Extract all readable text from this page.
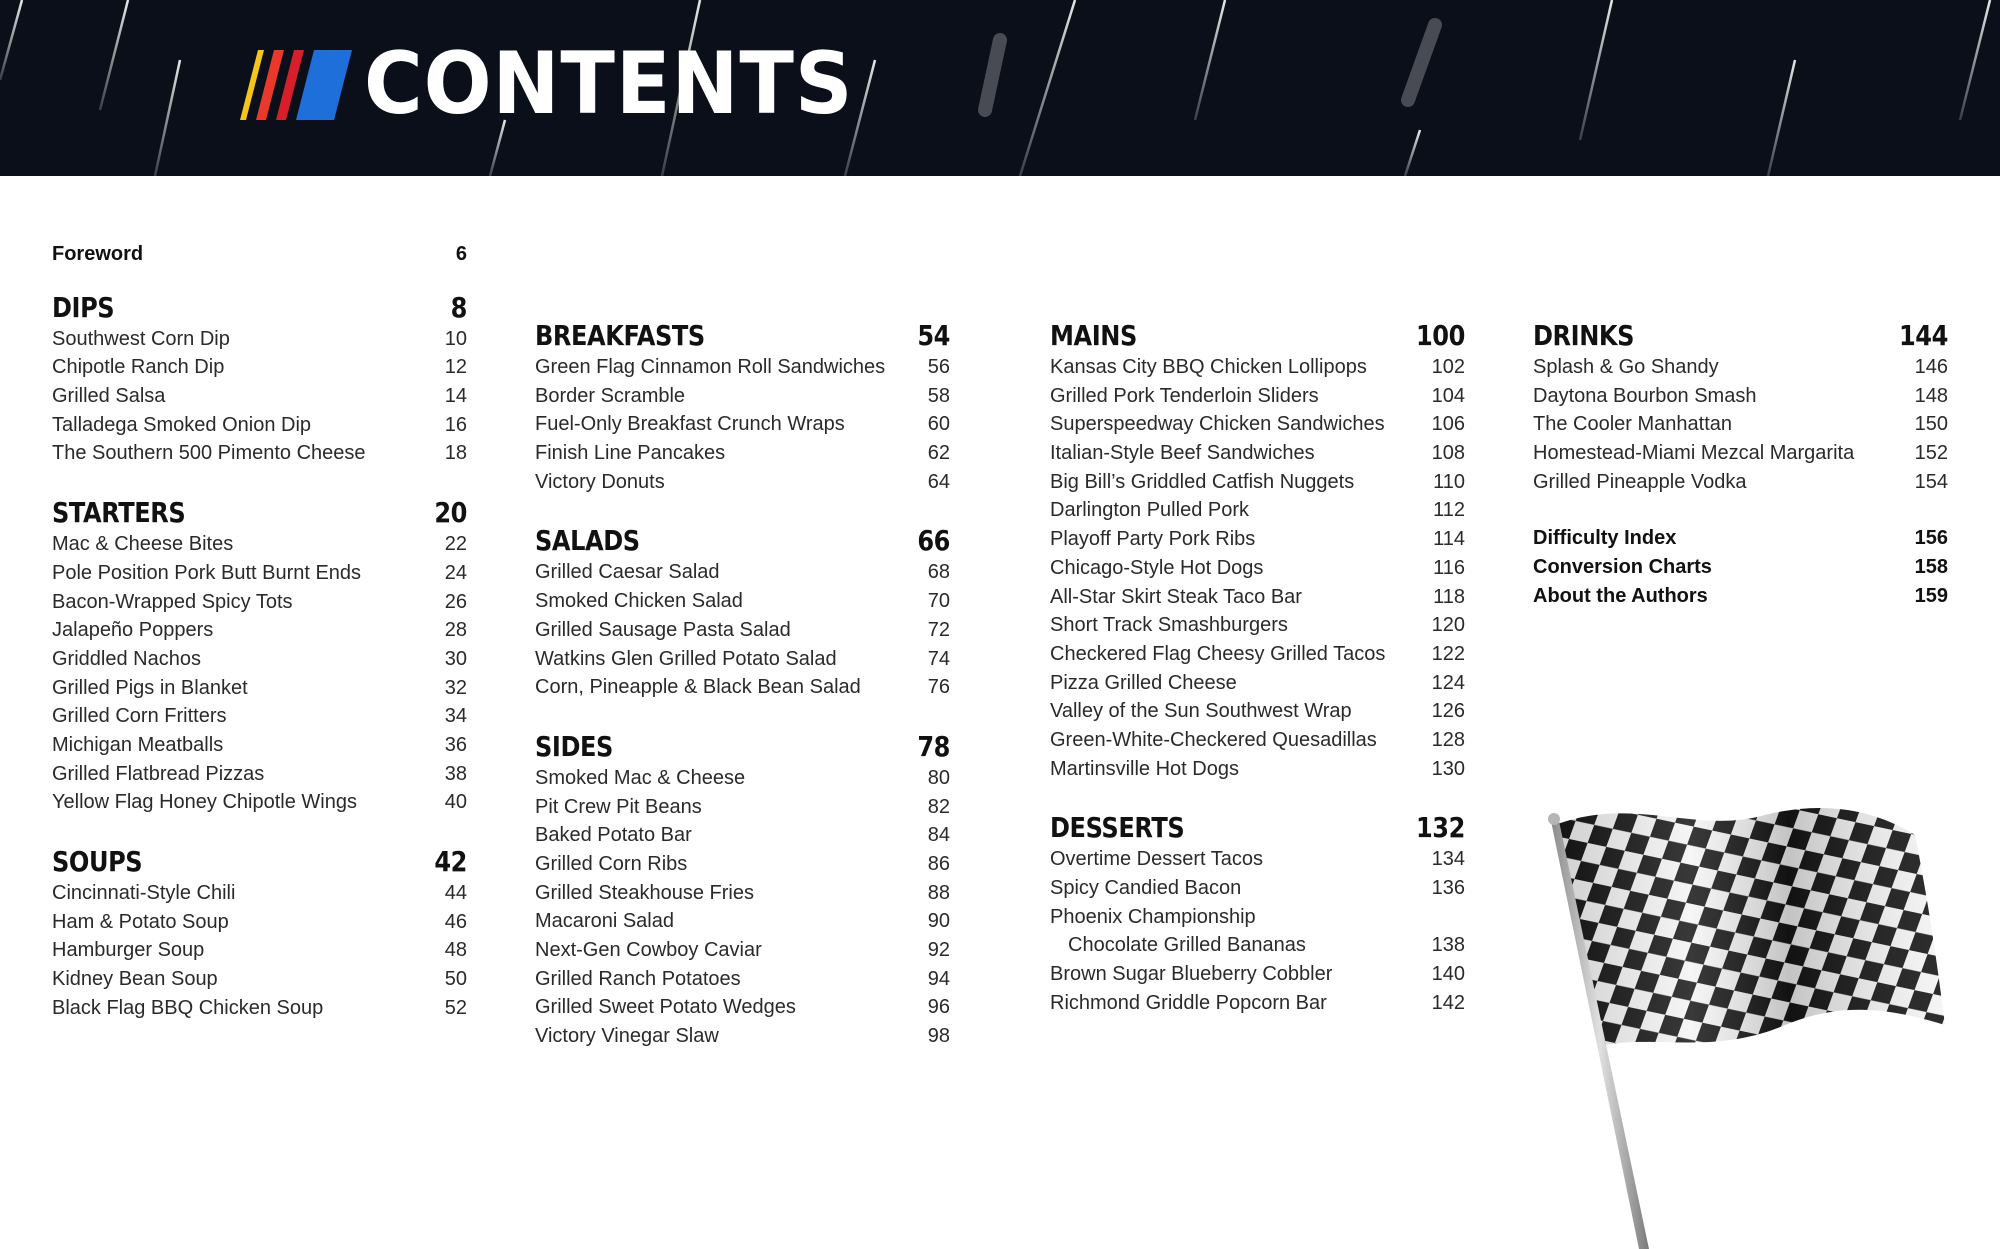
CONTENTS
Foreword	6
DIPS	8
Southwest Corn Dip	10
Chipotle Ranch Dip	12
Grilled Salsa	14
Talladega Smoked Onion Dip	16
The Southern 500 Pimento Cheese	18
STARTERS	20
Mac & Cheese Bites	22
Pole Position Pork Butt Burnt Ends	24
Bacon-Wrapped Spicy Tots	26
Jalapeño Poppers	28
Griddled Nachos	30
Grilled Pigs in Blanket	32
Grilled Corn Fritters	34
Michigan Meatballs	36
Grilled Flatbread Pizzas	38
Yellow Flag Honey Chipotle Wings	40
SOUPS	42
Cincinnati-Style Chili	44
Ham & Potato Soup	46
Hamburger Soup	48
Kidney Bean Soup	50
Black Flag BBQ Chicken Soup	52
BREAKFASTS	54
Green Flag Cinnamon Roll Sandwiches 56
Border Scramble	58
Fuel-Only Breakfast Crunch Wraps	60
Finish Line Pancakes	62
Victory Donuts	64
SALADS	66
Grilled Caesar Salad	68
Smoked Chicken Salad	70
Grilled Sausage Pasta Salad	72
Watkins Glen Grilled Potato Salad	74
Corn, Pineapple & Black Bean Salad	76
SIDES	78
Smoked Mac & Cheese	80
Pit Crew Pit Beans	82
Baked Potato Bar	84
Grilled Corn Ribs	86
Grilled Steakhouse Fries	88
Macaroni Salad	90
Next-Gen Cowboy Caviar	92
Grilled Ranch Potatoes	94
Grilled Sweet Potato Wedges	96
Victory Vinegar Slaw	98
MAINS	100
Kansas City BBQ Chicken Lollipops	102
Grilled Pork Tenderloin Sliders	104
Superspeedway Chicken Sandwiches 106
Italian-Style Beef Sandwiches	108
Big Bill’s Griddled Catfish Nuggets	110
Darlington Pulled Pork	112
Playoff Party Pork Ribs	114
Chicago-Style Hot Dogs	116
All-Star Skirt Steak Taco Bar	118
Short Track Smashburgers	120
Checkered Flag Cheesy Grilled Tacos 122
Pizza Grilled Cheese	124
Valley of the Sun Southwest Wrap	126
Green-White-Checkered Quesadillas	128
Martinsville Hot Dogs	130
DESSERTS	132
Overtime Dessert Tacos	134
Spicy Candied Bacon	136
Phoenix Championship
Chocolate Grilled Bananas	138
Brown Sugar Blueberry Cobbler	140
Richmond Griddle Popcorn Bar	142
DRINKS	144
Splash & Go Shandy	146
Daytona Bourbon Smash	148
The Cooler Manhattan	150
Homestead-Miami Mezcal Margarita	152
Grilled Pineapple Vodka	154
Difficulty Index	156
Conversion Charts	158
About the Authors	159
